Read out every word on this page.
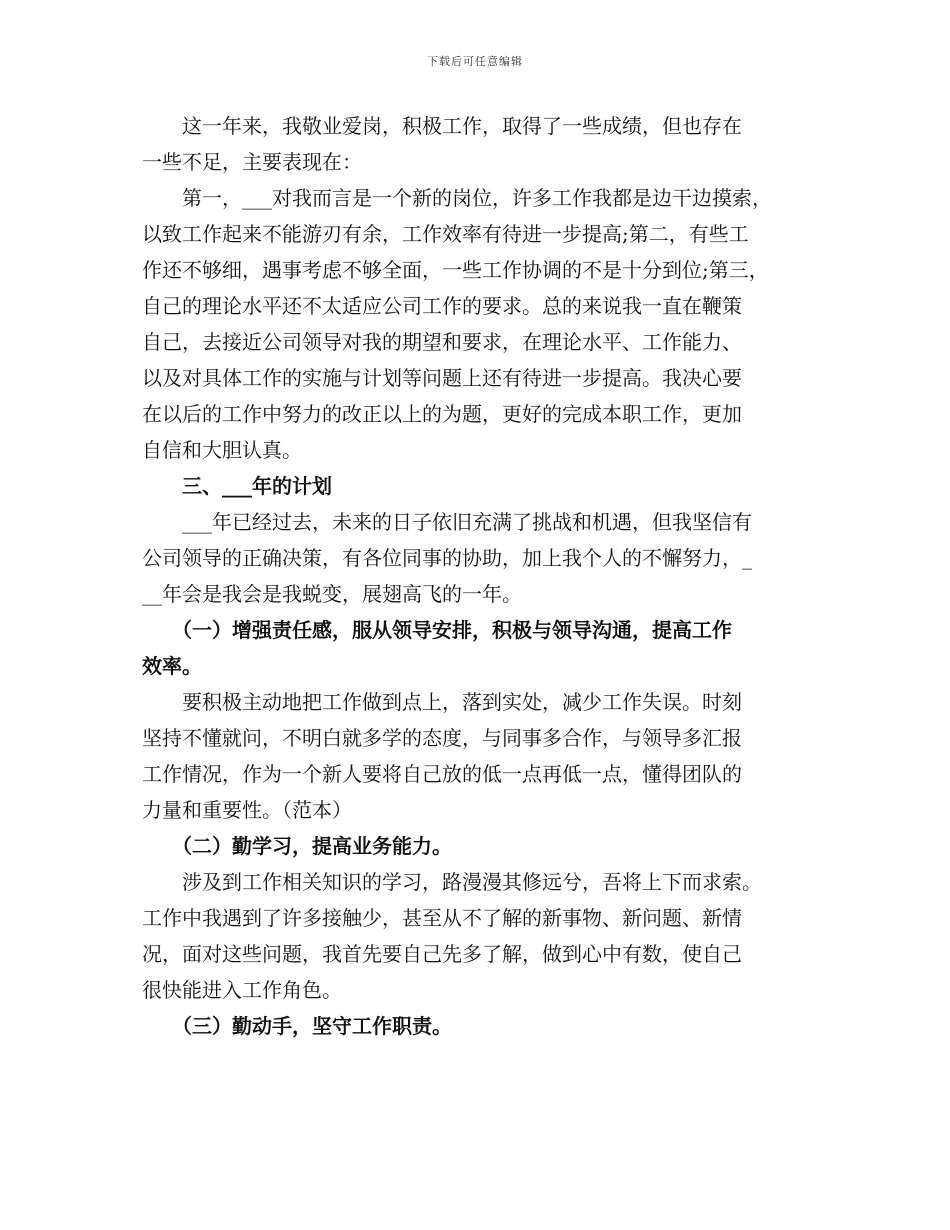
下载后可任意编辑
　　这一年来，我敬业爱岗，积极工作，取得了一些成绩，但也存在
一些不足，主要表现在：
　　第一，___对我而言是一个新的岗位，许多工作我都是边干边摸索，
以致工作起来不能游刃有余，工作效率有待进一步提高;第二，有些工
作还不够细，遇事考虑不够全面，一些工作协调的不是十分到位;第三，
自己的理论水平还不太适应公司工作的要求。总的来说我一直在鞭策
自己，去接近公司领导对我的期望和要求，在理论水平、工作能力、
以及对具体工作的实施与计划等问题上还有待进一步提高。我决心要
在以后的工作中努力的改正以上的为题，更好的完成本职工作，更加
自信和大胆认真。
　　三、___年的计划
　　___年已经过去，未来的日子依旧充满了挑战和机遇，但我坚信有
公司领导的正确决策，有各位同事的协助，加上我个人的不懈努力，_
__年会是我会是我蜕变，展翅高飞的一年。
　　（一）增强责任感，服从领导安排，积极与领导沟通，提高工作
效率。
　　要积极主动地把工作做到点上，落到实处，减少工作失误。时刻
坚持不懂就问，不明白就多学的态度，与同事多合作，与领导多汇报
工作情况，作为一个新人要将自己放的低一点再低一点，懂得团队的
力量和重要性。（范本）
　　（二）勤学习，提高业务能力。
　　涉及到工作相关知识的学习，路漫漫其修远兮，吾将上下而求索。
工作中我遇到了许多接触少，甚至从不了解的新事物、新问题、新情
况，面对这些问题，我首先要自己先多了解，做到心中有数，使自己
很快能进入工作角色。
　　（三）勤动手，坚守工作职责。
